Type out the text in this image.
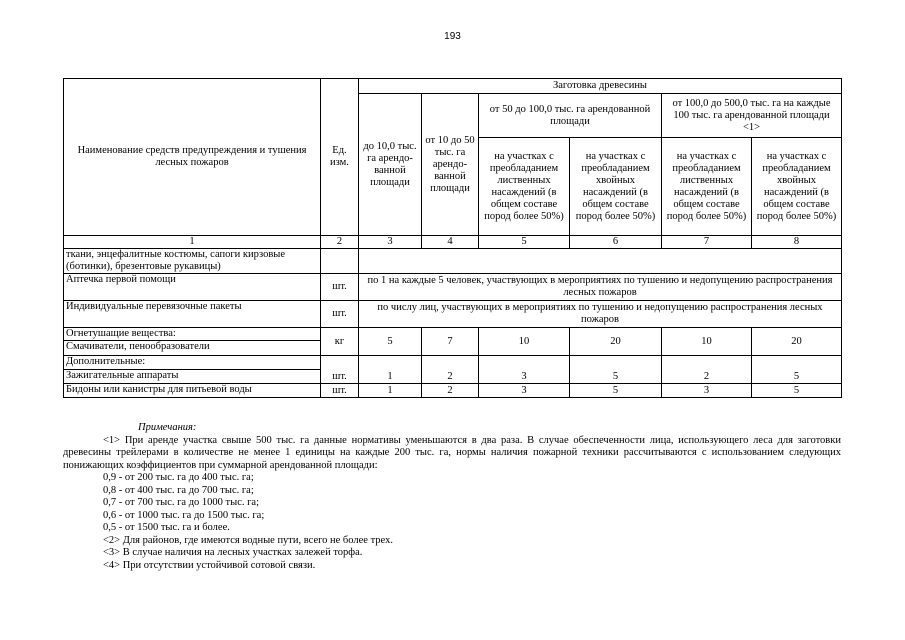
193
Наименование средств предупреждения и тушения лесных пожаров	Ед. изм.	Заготовка древесины					
		до 10,0 тыс. га арендо-ванной площади	от 10 до 50 тыс. га арендо-ванной площади	от 50 до 100,0 тыс. га арендованной площади		от 100,0 до 500,0 тыс. га на каждые 100 тыс. га арендованной площади <1>	
				на участках с преобладанием лиственных насаждений (в общем составе пород более 50%)	на участках с преобладанием хвойных насаждений (в общем составе пород более 50%)	на участках с преобладанием лиственных насаждений (в общем составе пород более 50%)	на участках с преобладанием хвойных насаждений (в общем составе пород более 50%)
1	2	3	4	5	6	7	8
ткани, энцефалитные костюмы, сапоги кирзовые (ботинки), брезентовые рукавицы)							
Аптечка первой помощи	шт.	по 1 на каждые 5 человек, участвующих в мероприятиях по тушению и недопущению распространения лесных пожаров					
Индивидуальные перевязочные пакеты	шт.	по числу лиц, участвующих в мероприятиях по тушению и недопущению распространения лесных пожаров					
Огнетушащие вещества:	кг	5	7	10	20	10	20
Смачиватели, пенообразователи							
Дополнительные:	шт.	1	2	3	5	2	5
Зажигательные аппараты							
Бидоны или канистры для питьевой воды	шт.	1	2	3	5	3	5

Примечания:

<1> При аренде участка свыше 500 тыс. га данные нормативы уменьшаются в два раза. В случае обеспеченности лица, использующего леса для заготовки древесины трейлерами в количестве не менее 1 единицы на каждые 200 тыс. га, нормы наличия пожарной техники рассчитываются с использованием следующих понижающих коэффициентов при суммарной арендованной площади:

0,9 - от 200 тыс. га до 400 тыс. га;

0,8 - от 400 тыс. га до 700 тыс. га;

0,7 - от 700 тыс. га до 1000 тыс. га;

0,6 - от 1000 тыс. га до 1500 тыс. га;

0,5 - от 1500 тыс. га и более.

<2> Для районов, где имеются водные пути, всего не более трех.

<3> В случае наличия на лесных участках залежей торфа.

<4> При отсутствии устойчивой сотовой связи.
